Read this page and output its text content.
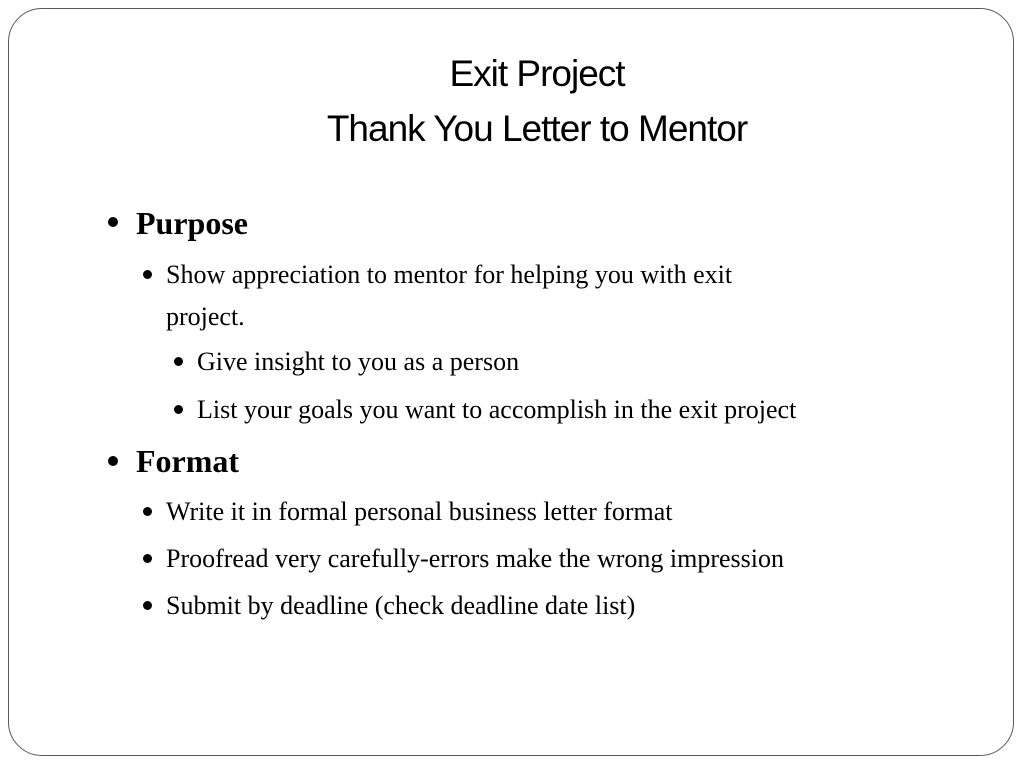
Exit Project
Thank You Letter to Mentor
Purpose
Show appreciation to mentor for helping you with exit
project.
Give insight to you as a person
List your goals you want to accomplish in the exit project
Format
Write it in formal personal business letter format
Proofread very carefully-errors make the wrong impression
Submit by deadline (check deadline date list)
